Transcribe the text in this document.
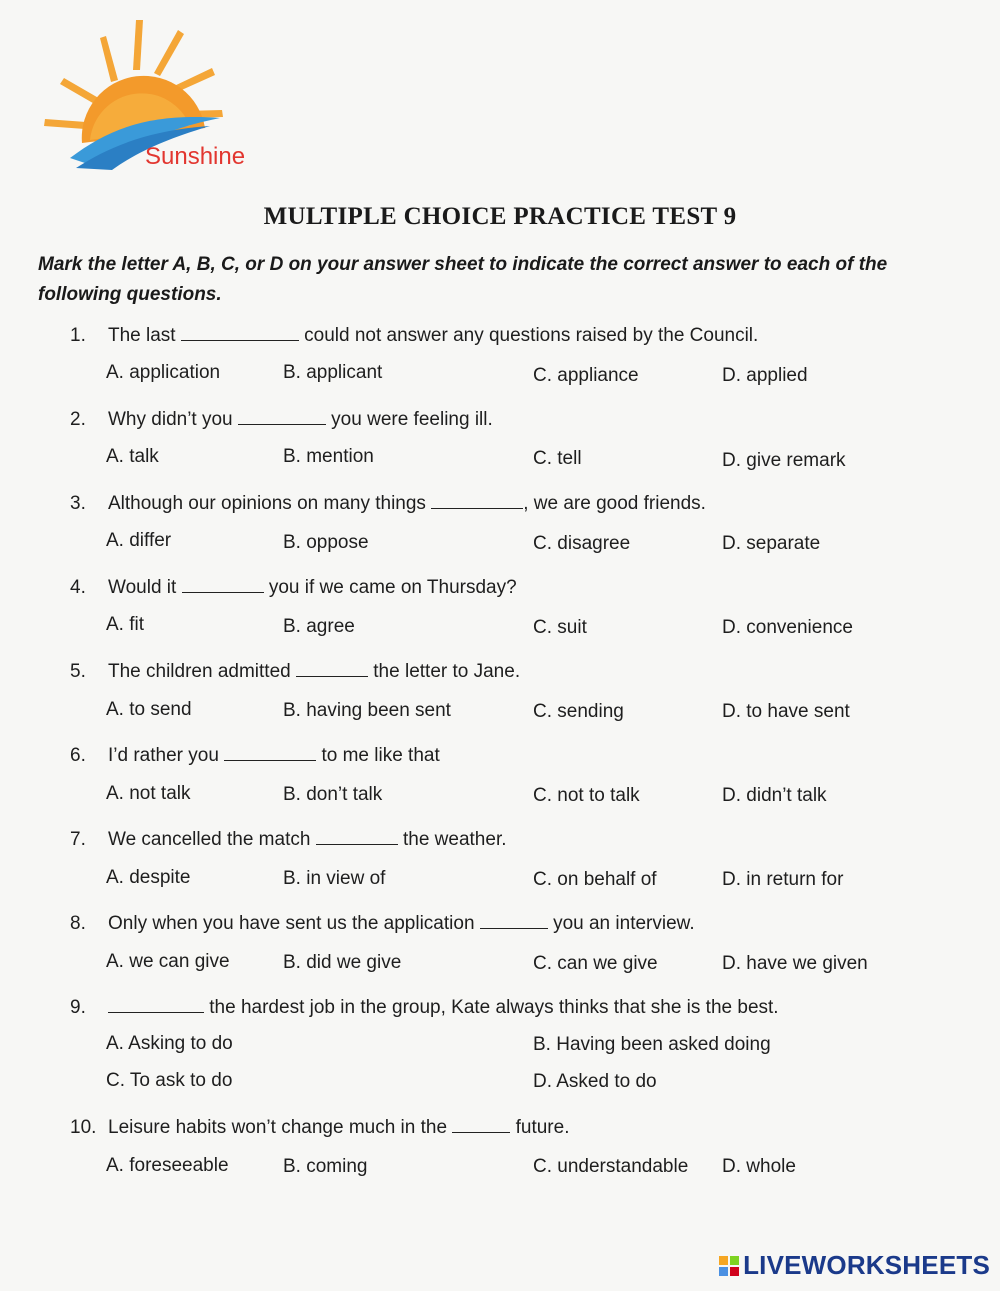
Sunshine
MULTIPLE CHOICE PRACTICE TEST 9
Mark the letter A, B, C, or D on your answer sheet to indicate the correct answer to each of the following questions.
1. The last	could not answer any questions raised by the Council.
A. application	B. applicant	C. appliance	D. applied
2. Why didn’t you	you were feeling ill.
A. talk	B. mention	C. tell	D. give remark
3. Although our opinions on many things	, we are good friends.
A. differ	B. oppose	C. disagree	D. separate
4. Would it	you if we came on Thursday?
A. fit	B. agree	C. suit	D. convenience
5. The children admitted	the letter to Jane.
A. to send	B. having been sent	C. sending	D. to have sent
6. I’d rather you	to me like that
A. not talk	B. don’t talk	C. not to talk	D. didn’t talk
7. We cancelled the match	the weather.
A. despite	B. in view of	C. on behalf of	D. in return for
8. Only when you have sent us the application	you an interview.
A. we can give	B. did we give	C. can we give	D. have we given
9.	the hardest job in the group, Kate always thinks that she is the best.
A. Asking to do	B. Having been asked doing
C. To ask to do	D. Asked to do
10. Leisure habits won’t change much in the	future.
A. foreseeable	B. coming	C. understandable D. whole
LIVEWORKSHEETS
